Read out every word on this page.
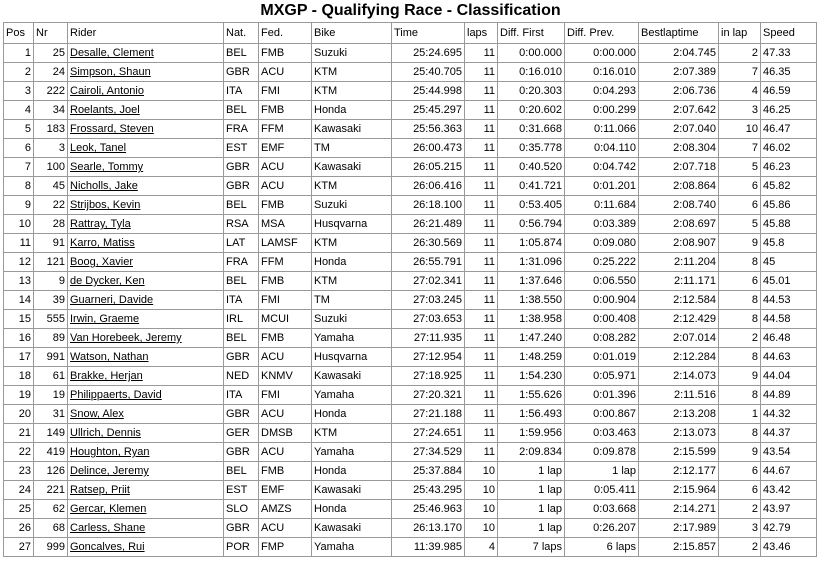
MXGP - Qualifying Race - Classification
Pos	Nr	Rider	Nat.	Fed.	Bike	Time	laps	Diff. First	Diff. Prev.	Bestlaptime	in lap	Speed
1	25	Desalle, Clement	BEL	FMB	Suzuki	25:24.695	11	0:00.000	0:00.000	2:04.745	2	47.33
2	24	Simpson, Shaun	GBR	ACU	KTM	25:40.705	11	0:16.010	0:16.010	2:07.389	7	46.35
3	222	Cairoli, Antonio	ITA	FMI	KTM	25:44.998	11	0:20.303	0:04.293	2:06.736	4	46.59
4	34	Roelants, Joel	BEL	FMB	Honda	25:45.297	11	0:20.602	0:00.299	2:07.642	3	46.25
5	183	Frossard, Steven	FRA	FFM	Kawasaki	25:56.363	11	0:31.668	0:11.066	2:07.040	10	46.47
6	3	Leok, Tanel	EST	EMF	TM	26:00.473	11	0:35.778	0:04.110	2:08.304	7	46.02
7	100	Searle, Tommy	GBR	ACU	Kawasaki	26:05.215	11	0:40.520	0:04.742	2:07.718	5	46.23
8	45	Nicholls, Jake	GBR	ACU	KTM	26:06.416	11	0:41.721	0:01.201	2:08.864	6	45.82
9	22	Strijbos, Kevin	BEL	FMB	Suzuki	26:18.100	11	0:53.405	0:11.684	2:08.740	6	45.86
10	28	Rattray, Tyla	RSA	MSA	Husqvarna	26:21.489	11	0:56.794	0:03.389	2:08.697	5	45.88
11	91	Karro, Matiss	LAT	LAMSF	KTM	26:30.569	11	1:05.874	0:09.080	2:08.907	9	45.8
12	121	Boog, Xavier	FRA	FFM	Honda	26:55.791	11	1:31.096	0:25.222	2:11.204	8	45
13	9	de Dycker, Ken	BEL	FMB	KTM	27:02.341	11	1:37.646	0:06.550	2:11.171	6	45.01
14	39	Guarneri, Davide	ITA	FMI	TM	27:03.245	11	1:38.550	0:00.904	2:12.584	8	44.53
15	555	Irwin, Graeme	IRL	MCUI	Suzuki	27:03.653	11	1:38.958	0:00.408	2:12.429	8	44.58
16	89	Van Horebeek, Jeremy	BEL	FMB	Yamaha	27:11.935	11	1:47.240	0:08.282	2:07.014	2	46.48
17	991	Watson, Nathan	GBR	ACU	Husqvarna	27:12.954	11	1:48.259	0:01.019	2:12.284	8	44.63
18	61	Brakke, Herjan	NED	KNMV	Kawasaki	27:18.925	11	1:54.230	0:05.971	2:14.073	9	44.04
19	19	Philippaerts, David	ITA	FMI	Yamaha	27:20.321	11	1:55.626	0:01.396	2:11.516	8	44.89
20	31	Snow, Alex	GBR	ACU	Honda	27:21.188	11	1:56.493	0:00.867	2:13.208	1	44.32
21	149	Ullrich, Dennis	GER	DMSB	KTM	27:24.651	11	1:59.956	0:03.463	2:13.073	8	44.37
22	419	Houghton, Ryan	GBR	ACU	Yamaha	27:34.529	11	2:09.834	0:09.878	2:15.599	9	43.54
23	126	Delince, Jeremy	BEL	FMB	Honda	25:37.884	10	1 lap	1 lap	2:12.177	6	44.67
24	221	Ratsep, Priit	EST	EMF	Kawasaki	25:43.295	10	1 lap	0:05.411	2:15.964	6	43.42
25	62	Gercar, Klemen	SLO	AMZS	Honda	25:46.963	10	1 lap	0:03.668	2:14.271	2	43.97
26	68	Carless, Shane	GBR	ACU	Kawasaki	26:13.170	10	1 lap	0:26.207	2:17.989	3	42.79
27	999	Goncalves, Rui	POR	FMP	Yamaha	11:39.985	4	7 laps	6 laps	2:15.857	2	43.46
